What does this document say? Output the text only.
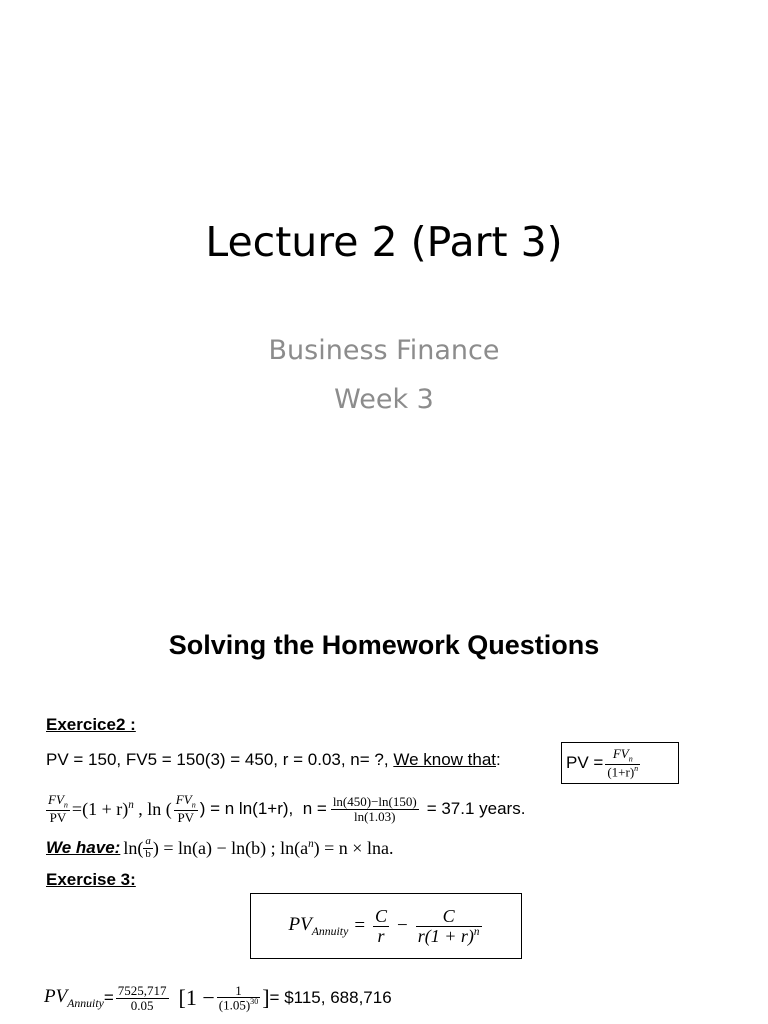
Lecture 2 (Part 3)
Business Finance
Week 3
Solving the Homework Questions
Exercice2 :
PV = 150, FV5 = 150(3) = 450, r = 0.03, n= ?, We know that:	PV = $\frac{FV_n}{(1+r)^n}$
$\frac{FV_n}{PV} =(1 + r)^n$ , ln ( $\frac{FV_n}{PV}$ ) = n ln(1+r),  $n = \frac{\ln(450)-\ln(150)}{\ln(1.03)} = 37.1$ years.
We have: $\ln( \frac{a}{b}$ ) = ln(a) − ln(b) ; $\ln(a^n) = n \times \ln a$.
Exercise 3:
$PV_{Annuity} = \frac{C}{r} - \frac{C}{r(1 + r)^n}$
$PV_{Annuity} = \frac{7525,717}{0.05} [1 - \frac{1}{(1.05)^{30}}$ ] = $115, 688,716
